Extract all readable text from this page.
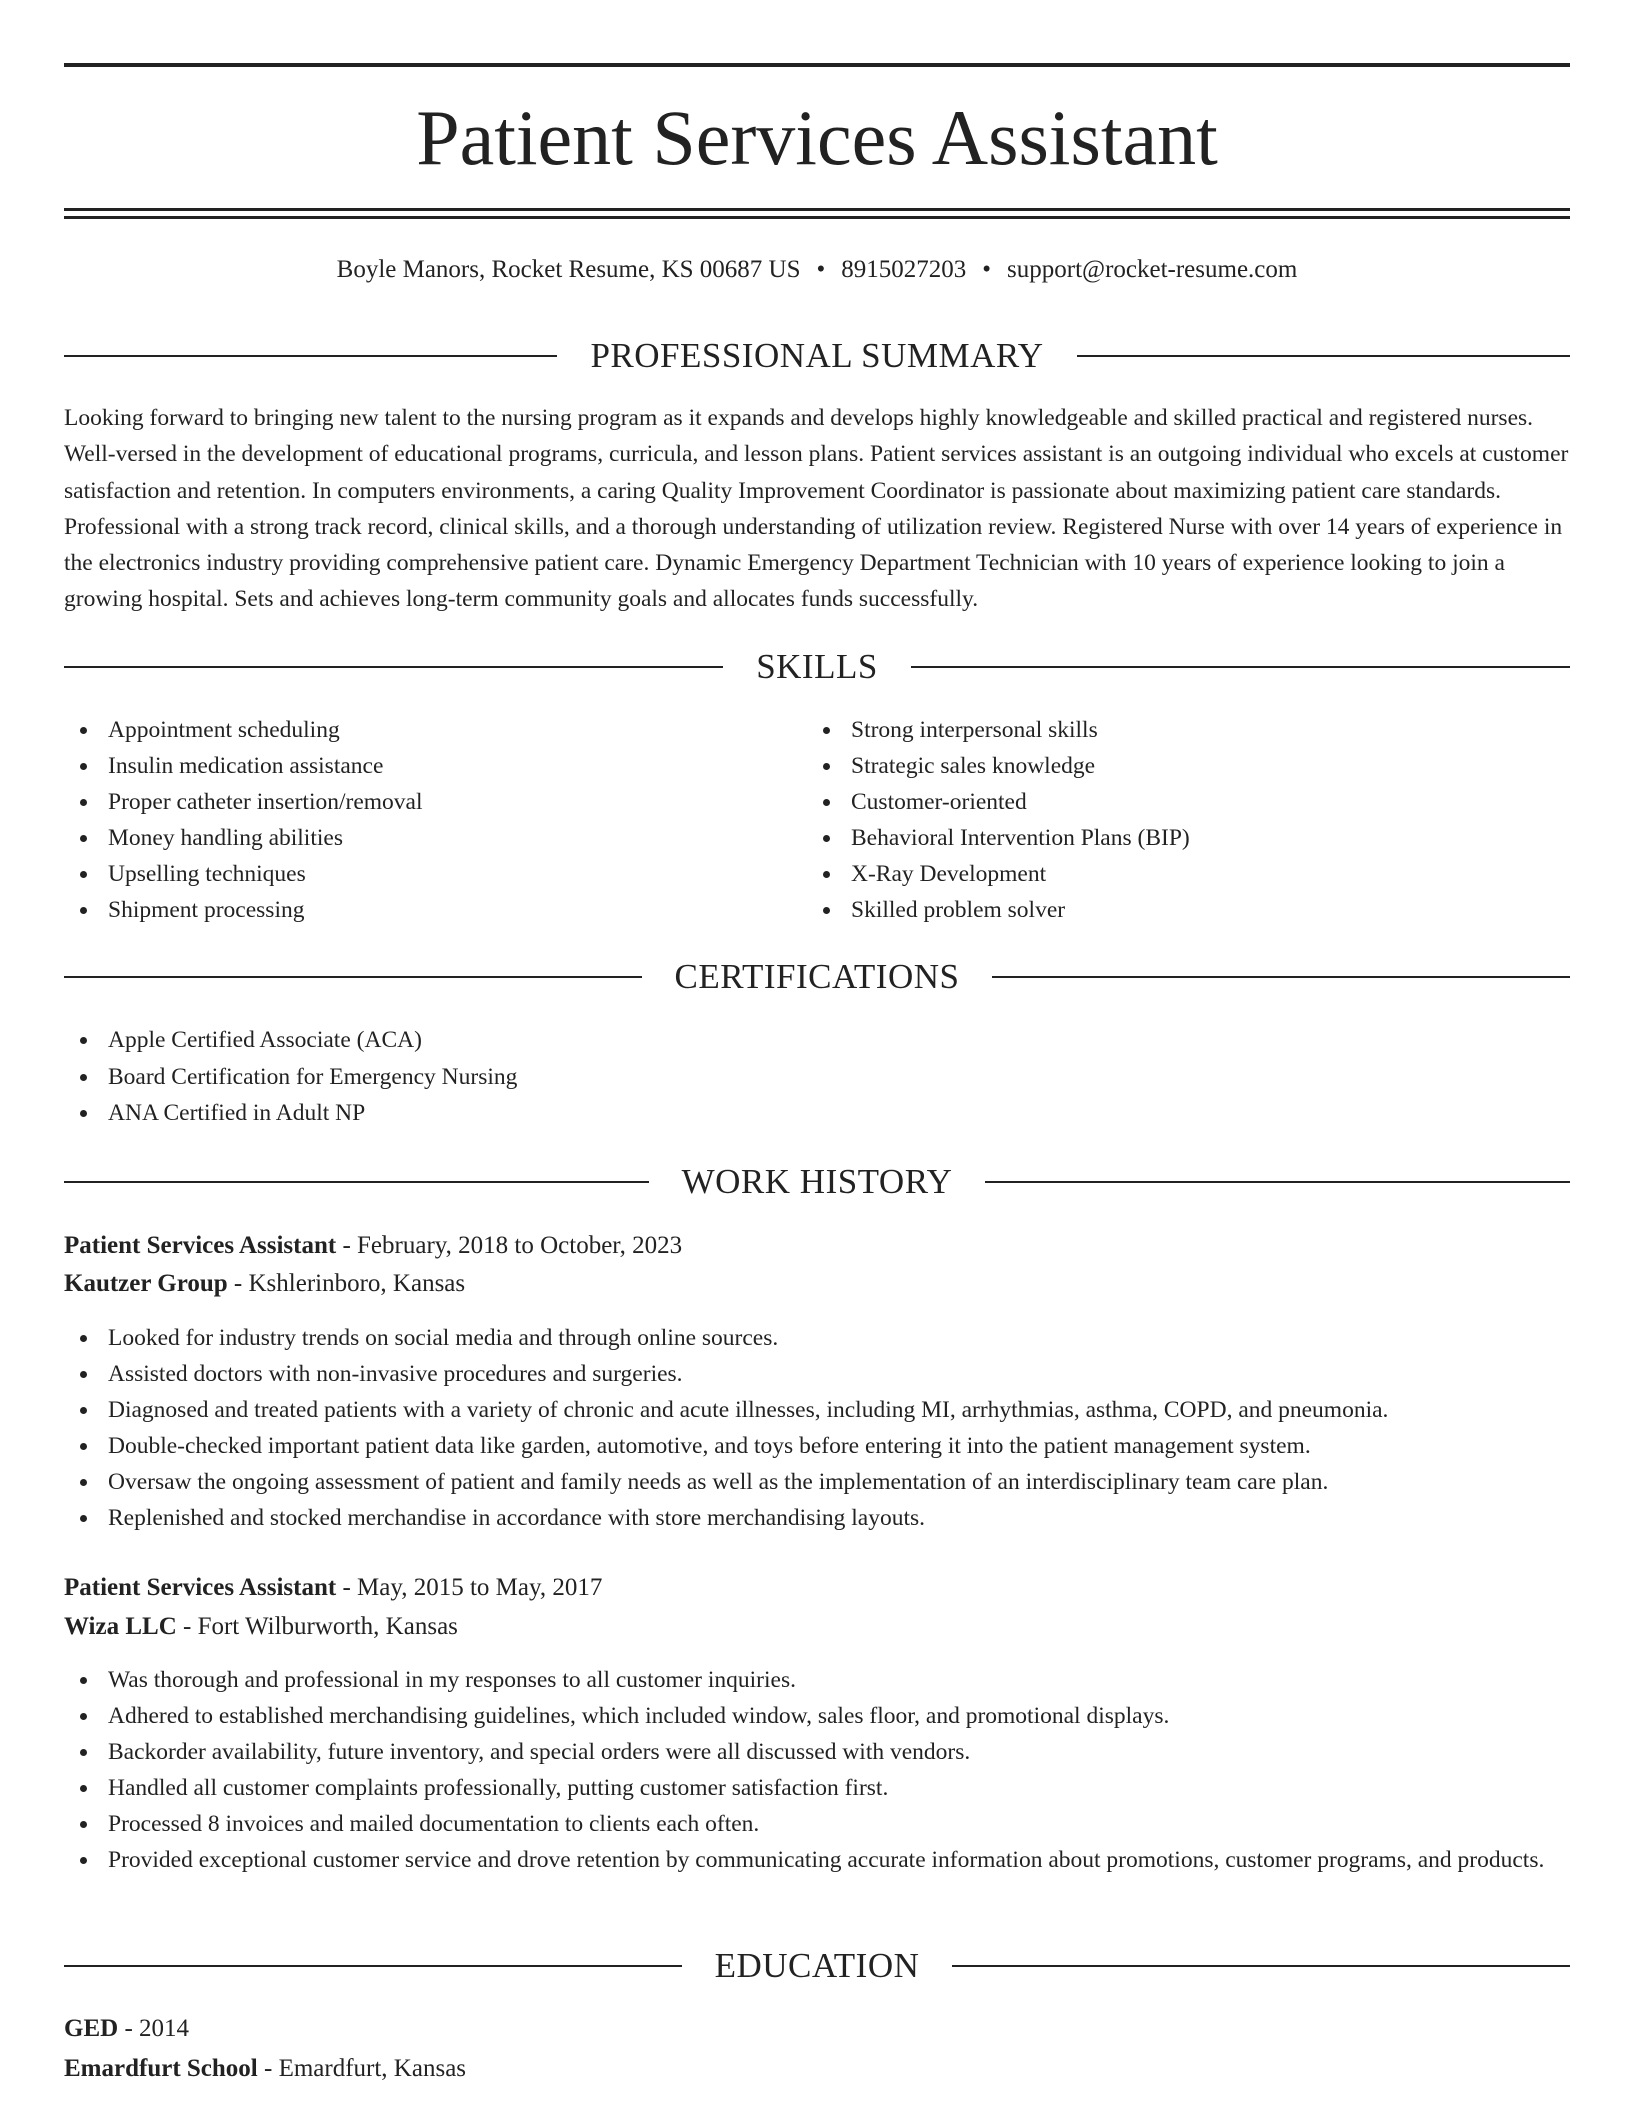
Patient Services Assistant
Boyle Manors, Rocket Resume, KS 00687 US • 8915027203 • support@rocket-resume.com
PROFESSIONAL SUMMARY

Looking forward to bringing new talent to the nursing program as it expands and develops highly knowledgeable and skilled practical and registered nurses. Well-versed in the development of educational programs, curricula, and lesson plans. Patient services assistant is an outgoing individual who excels at customer satisfaction and retention. In computers environments, a caring Quality Improvement Coordinator is passionate about maximizing patient care standards. Professional with a strong track record, clinical skills, and a thorough understanding of utilization review. Registered Nurse with over 14 years of experience in the electronics industry providing comprehensive patient care. Dynamic Emergency Department Technician with 10 years of experience looking to join a growing hospital. Sets and achieves long-term community goals and allocates funds successfully.

SKILLS
Appointment scheduling
Insulin medication assistance
Proper catheter insertion/removal
Money handling abilities
Upselling techniques
Shipment processing
Strong interpersonal skills
Strategic sales knowledge
Customer-oriented
Behavioral Intervention Plans (BIP)
X-Ray Development
Skilled problem solver
CERTIFICATIONS
Apple Certified Associate (ACA)
Board Certification for Emergency Nursing
ANA Certified in Adult NP
WORK HISTORY
Patient Services Assistant - February, 2018 to October, 2023
Kautzer Group - Kshlerinboro, Kansas
Looked for industry trends on social media and through online sources.
Assisted doctors with non-invasive procedures and surgeries.
Diagnosed and treated patients with a variety of chronic and acute illnesses, including MI, arrhythmias, asthma, COPD, and pneumonia.
Double-checked important patient data like garden, automotive, and toys before entering it into the patient management system.
Oversaw the ongoing assessment of patient and family needs as well as the implementation of an interdisciplinary team care plan.
Replenished and stocked merchandise in accordance with store merchandising layouts.
Patient Services Assistant - May, 2015 to May, 2017
Wiza LLC - Fort Wilburworth, Kansas
Was thorough and professional in my responses to all customer inquiries.
Adhered to established merchandising guidelines, which included window, sales floor, and promotional displays.
Backorder availability, future inventory, and special orders were all discussed with vendors.
Handled all customer complaints professionally, putting customer satisfaction first.
Processed 8 invoices and mailed documentation to clients each often.
Provided exceptional customer service and drove retention by communicating accurate information about promotions, customer programs, and products.
EDUCATION
GED - 2014
Emardfurt School - Emardfurt, Kansas
